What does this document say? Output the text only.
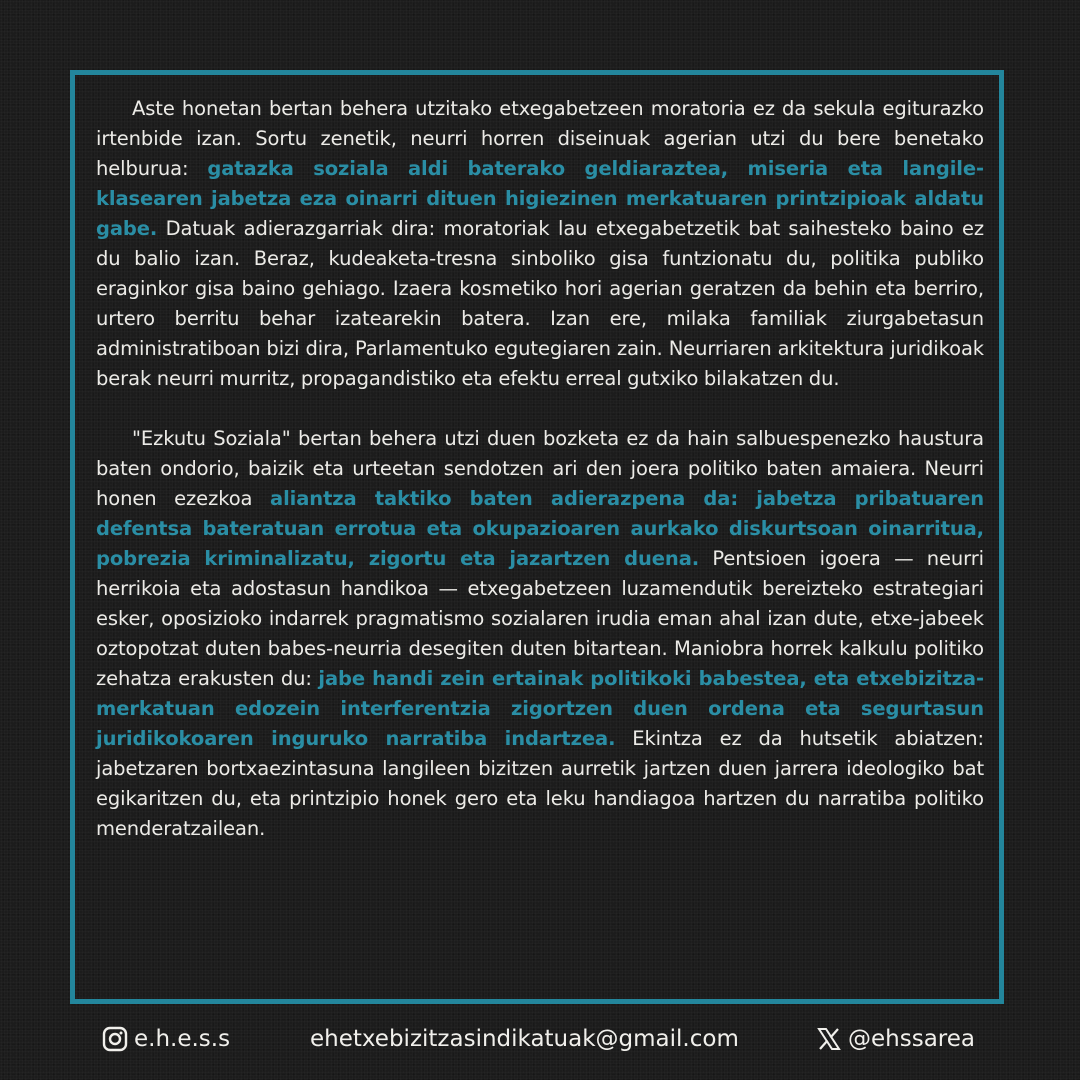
Aste honetan bertan behera utzitako etxegabetzeen moratoria ez da sekula egiturazko irtenbide izan. Sortu zenetik, neurri horren diseinuak agerian utzi du bere benetako helburua: gatazka soziala aldi baterako geldiaraztea, miseria eta langile-klasearen jabetza eza oinarri dituen higiezinen merkatuaren printzipioak aldatu gabe. Datuak adierazgarriak dira: moratoriak lau etxegabetzetik bat saihesteko baino ez du balio izan. Beraz, kudeaketa-tresna sinboliko gisa funtzionatu du, politika publiko eraginkor gisa baino gehiago. Izaera kosmetiko hori agerian geratzen da behin eta berriro, urtero berritu behar izatearekin batera. Izan ere, milaka familiak ziurgabetasun administratiboan bizi dira, Parlamentuko egutegiaren zain. Neurriaren arkitektura juridikoak berak neurri murritz, propagandistiko eta efektu erreal gutxiko bilakatzen du.

"Ezkutu Soziala" bertan behera utzi duen bozketa ez da hain salbuespenezko haustura baten ondorio, baizik eta urteetan sendotzen ari den joera politiko baten amaiera. Neurri honen ezezkoa aliantza taktiko baten adierazpena da: jabetza pribatuaren defentsa bateratuan errotua eta okupazioaren aurkako diskurtsoan oinarritua, pobrezia kriminalizatu, zigortu eta jazartzen duena. Pentsioen igoera — neurri herrikoia eta adostasun handikoa — etxegabetzeen luzamendutik bereizteko estrategiari esker, oposizioko indarrek pragmatismo sozialaren irudia eman ahal izan dute, etxe-jabeek oztopotzat duten babes-neurria desegiten duten bitartean. Maniobra horrek kalkulu politiko zehatza erakusten du: jabe handi zein ertainak politikoki babestea, eta etxebizitza-merkatuan edozein interferentzia zigortzen duen ordena eta segurtasun juridikokoaren inguruko narratiba indartzea. Ekintza ez da hutsetik abiatzen: jabetzaren bortxaezintasuna langileen bizitzen aurretik jartzen duen jarrera ideologiko bat egikaritzen du, eta printzipio honek gero eta leku handiagoa hartzen du narratiba politiko menderatzailean.

e.h.e.s.s	ehetxebizitzasindikatuak@gmail.com	@ehssarea
